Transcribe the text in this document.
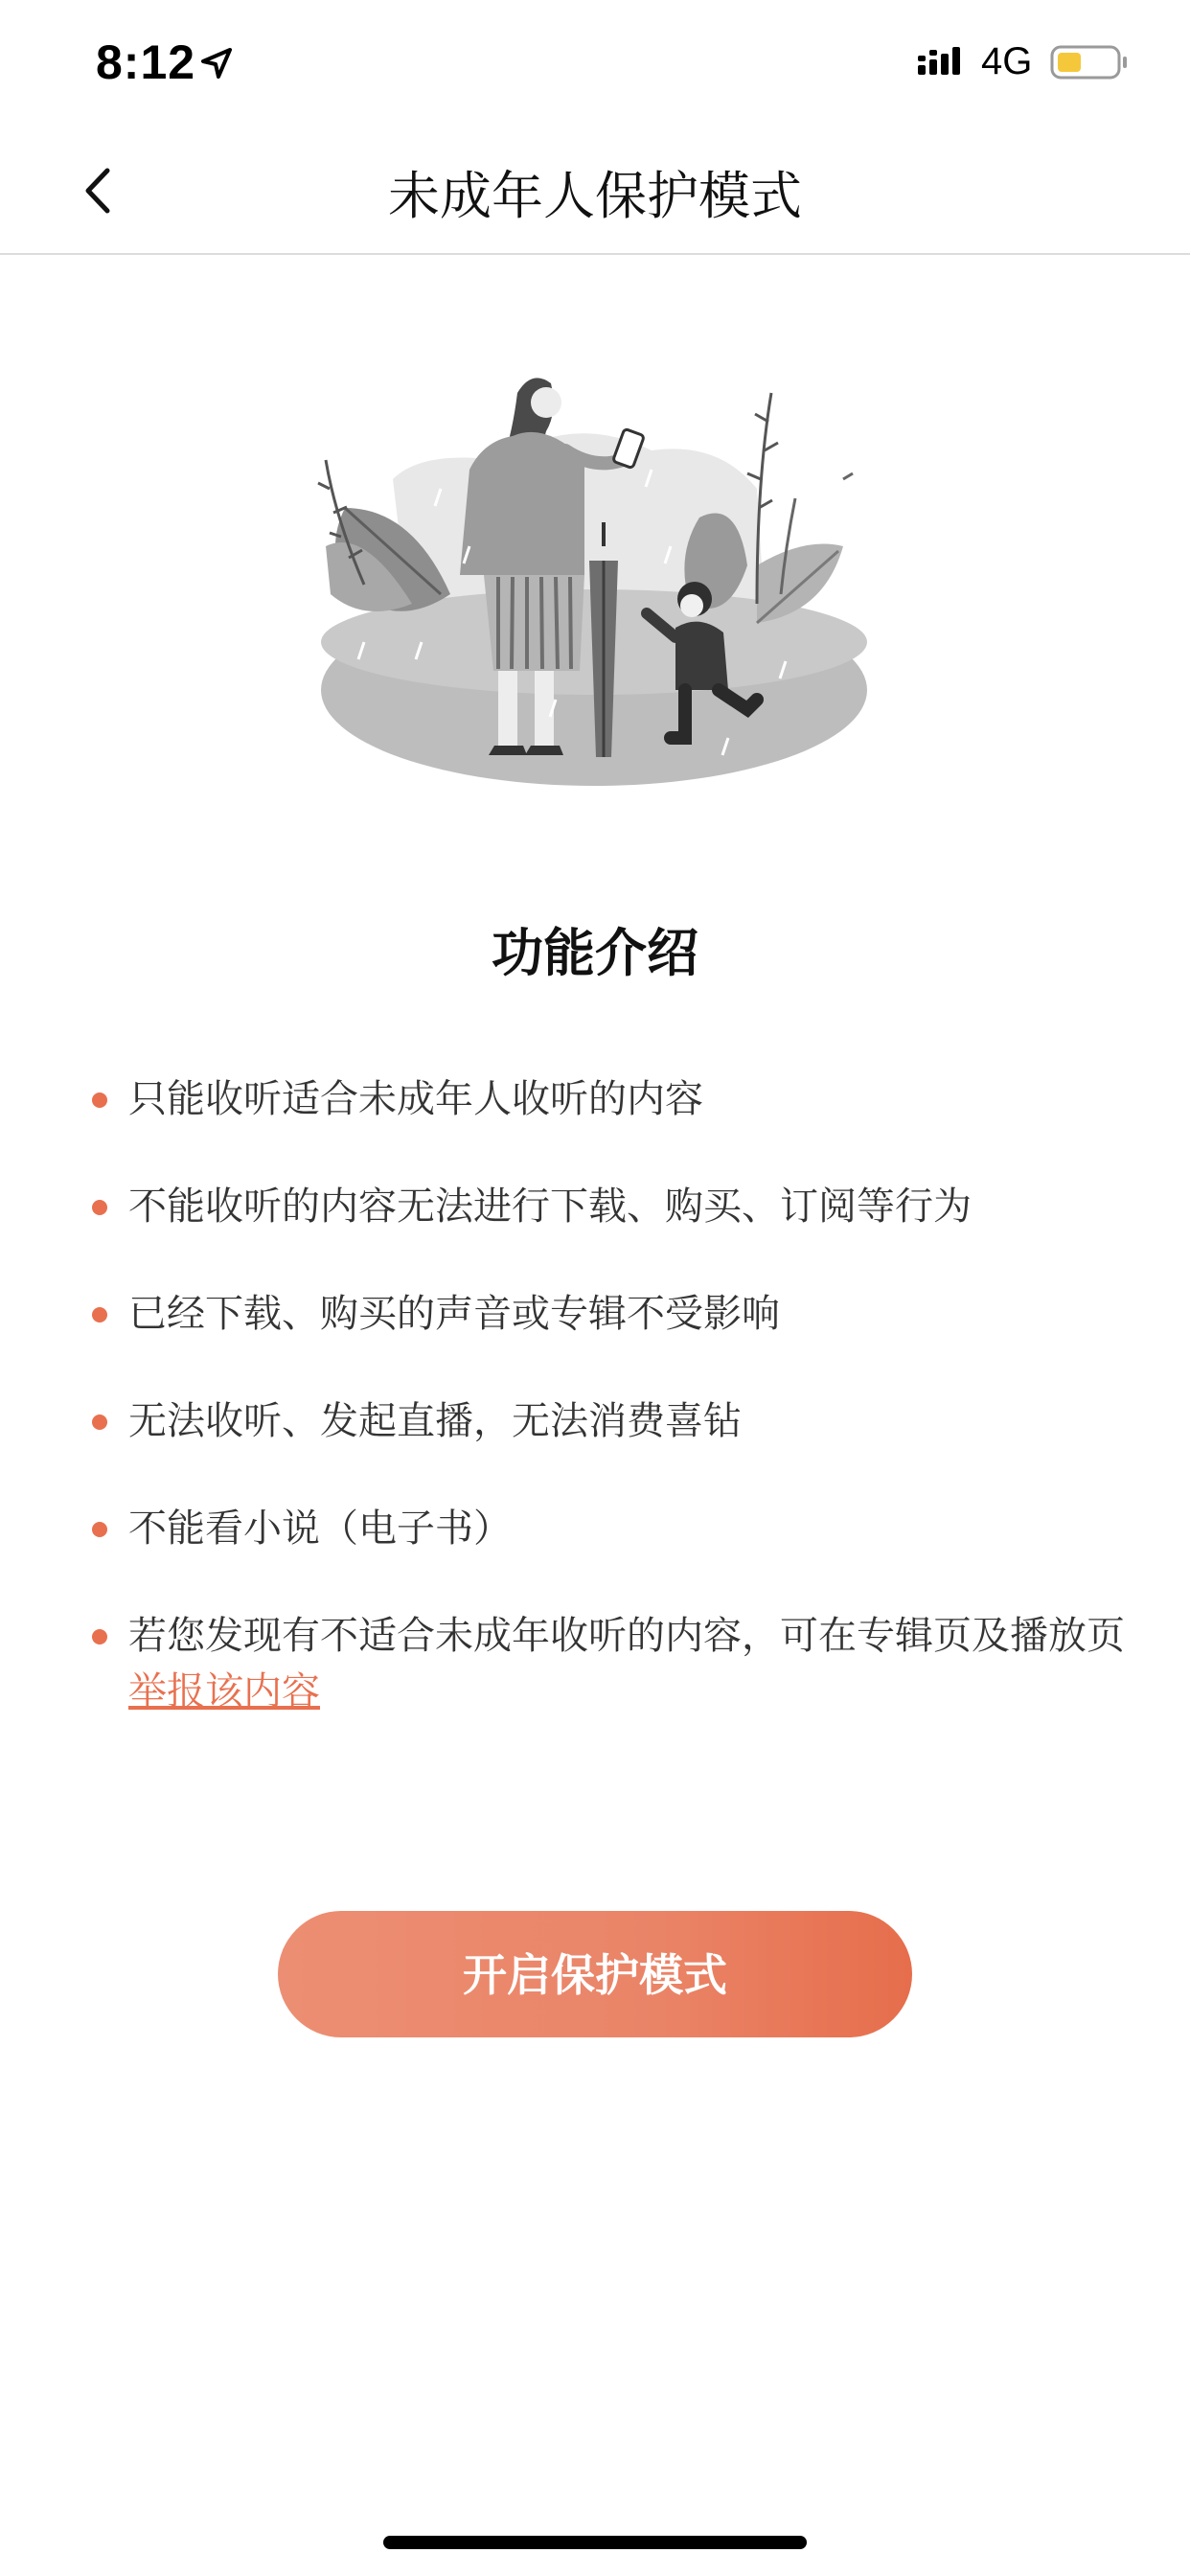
8:12	4G
未成年人保护模式
功能介绍
只能收听适合未成年人收听的内容
不能收听的内容无法进行下载、购买、订阅等行为
已经下载、购买的声音或专辑不受影响
无法收听、发起直播，无法消费喜钻
不能看小说（电子书）
若您发现有不适合未成年收听的内容，可在专辑页及播放页举报该内容
开启保护模式
